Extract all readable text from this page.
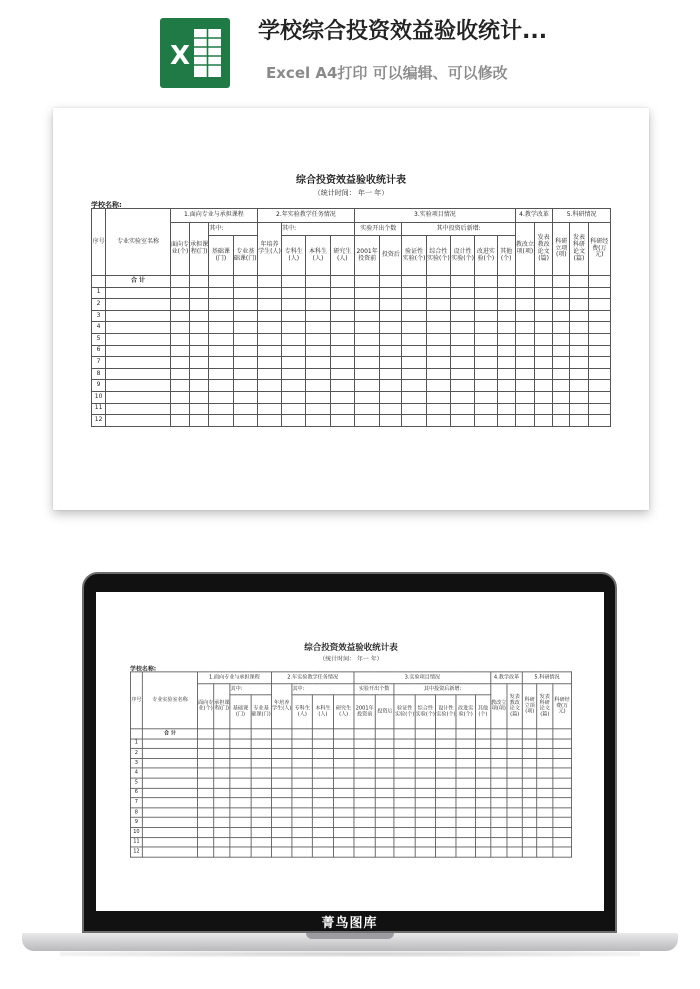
X
学校综合投资效益验收统计...
Excel A4打印 可以编辑、可以修改
综合投资效益验收统计表
（统计时间： 年一 年）
学校名称:
序号	专业实验室名称	1.面向专业与承担课程				2.年实验教学任务情况				3.实验项目情况							4.教学改革		5.科研情况		
		面向专业(个)	承担课程(门)	其中:		年培养学生(人)	其中:			实验开出个数		其中投资后新增:					教改立项(项)	发表教改论文(篇)	科研立项(项)	发表科研论文(篇)	科研经费(万元)
				基础课(门)	专业基础课(门)		专科生(人)	本科生(人)	研究生(人)	2001年投资前	投资后	验证性实验(个)	综合性实验(个)	设计性实验(个)	改进实验(个)	其他(个)					
	合 计																				
1																					
2																					
3																					
4																					
5																					
6																					
7																					
8																					
9																					
10																					
11																					
12																					
综合投资效益验收统计表
（统计时间： 年一 年）
学校名称:
序号	专业实验室名称	1.面向专业与承担课程				2.年实验教学任务情况				3.实验项目情况							4.教学改革		5.科研情况		
		面向专业(个)	承担课程(门)	其中:		年培养学生(人)	其中:			实验开出个数		其中投资后新增:					教改立项(项)	发表教改论文(篇)	科研立项(项)	发表科研论文(篇)	科研经费(万元)
				基础课(门)	专业基础课(门)		专科生(人)	本科生(人)	研究生(人)	2001年投资前	投资后	验证性实验(个)	综合性实验(个)	设计性实验(个)	改进实验(个)	其他(个)					
	合 计																				
1																					
2																					
3																					
4																					
5																					
6																					
7																					
8																					
9																					
10																					
11																					
12																					
菁鸟图库
